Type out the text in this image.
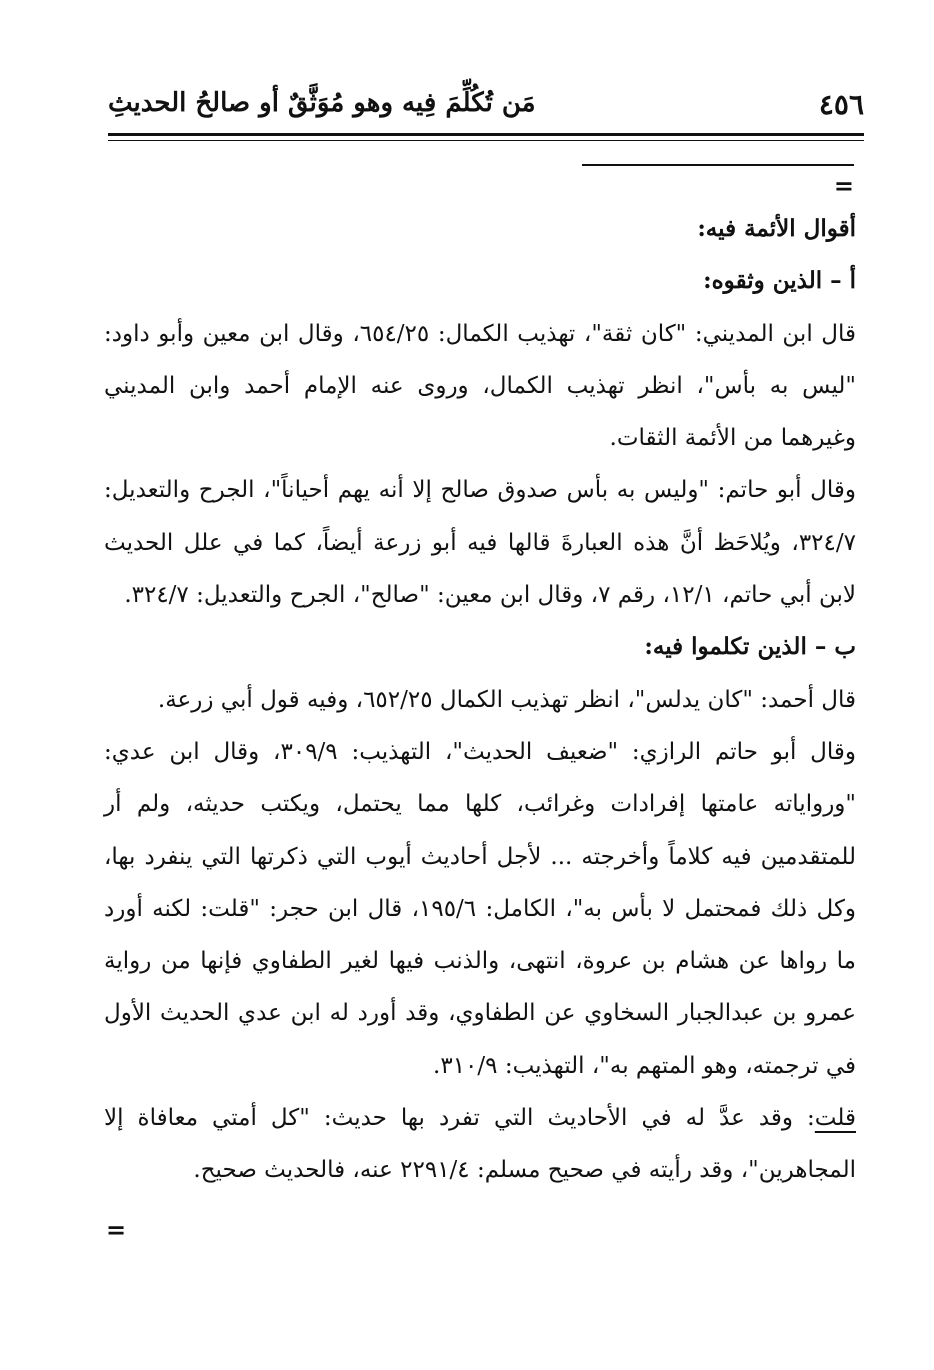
٤٥٦
مَن تُكُلِّمَ فِيه وهو مُوَثَّقٌ أو صالحُ الحديثِ
=

أقوال الأئمة فيه:

أ – الذين وثقوه:

قال ابن المديني: "كان ثقة"، تهذيب الكمال: ٦٥٤/٢٥، وقال ابن معين وأبو داود: "ليس به بأس"، انظر تهذيب الكمال، وروى عنه الإمام أحمد وابن المديني وغيرهما من الأئمة الثقات.

وقال أبو حاتم: "وليس به بأس صدوق صالح إلا أنه يهم أحياناً"، الجرح والتعديل: ٣٢٤/٧، ويُلاحَظ أنَّ هذه العبارةَ قالها فيه أبو زرعة أيضاً، كما في علل الحديث لابن أبي حاتم، ١٢/١، رقم ٧، وقال ابن معين: "صالح"، الجرح والتعديل: ٣٢٤/٧.

ب – الذين تكلموا فيه:

قال أحمد: "كان يدلس"، انظر تهذيب الكمال ٦٥٢/٢٥، وفيه قول أبي زرعة.

وقال أبو حاتم الرازي: "ضعيف الحديث"، التهذيب: ٣٠٩/٩، وقال ابن عدي: "ورواياته عامتها إفرادات وغرائب، كلها مما يحتمل، ويكتب حديثه، ولم أر للمتقدمين فيه كلاماً وأخرجته ... لأجل أحاديث أيوب التي ذكرتها التي ينفرد بها، وكل ذلك فمحتمل لا بأس به"، الكامل: ١٩٥/٦، قال ابن حجر: "قلت: لكنه أورد ما رواها عن هشام بن عروة، انتهى، والذنب فيها لغير الطفاوي فإنها من رواية عمرو بن عبدالجبار السخاوي عن الطفاوي، وقد أورد له ابن عدي الحديث الأول في ترجمته، وهو المتهم به"، التهذيب: ٣١٠/٩.

قلت: وقد عدَّ له في الأحاديث التي تفرد بها حديث: "كل أمتي معافاة إلا المجاهرين"، وقد رأيته في صحيح مسلم: ٢٢٩١/٤ عنه، فالحديث صحيح.

=
